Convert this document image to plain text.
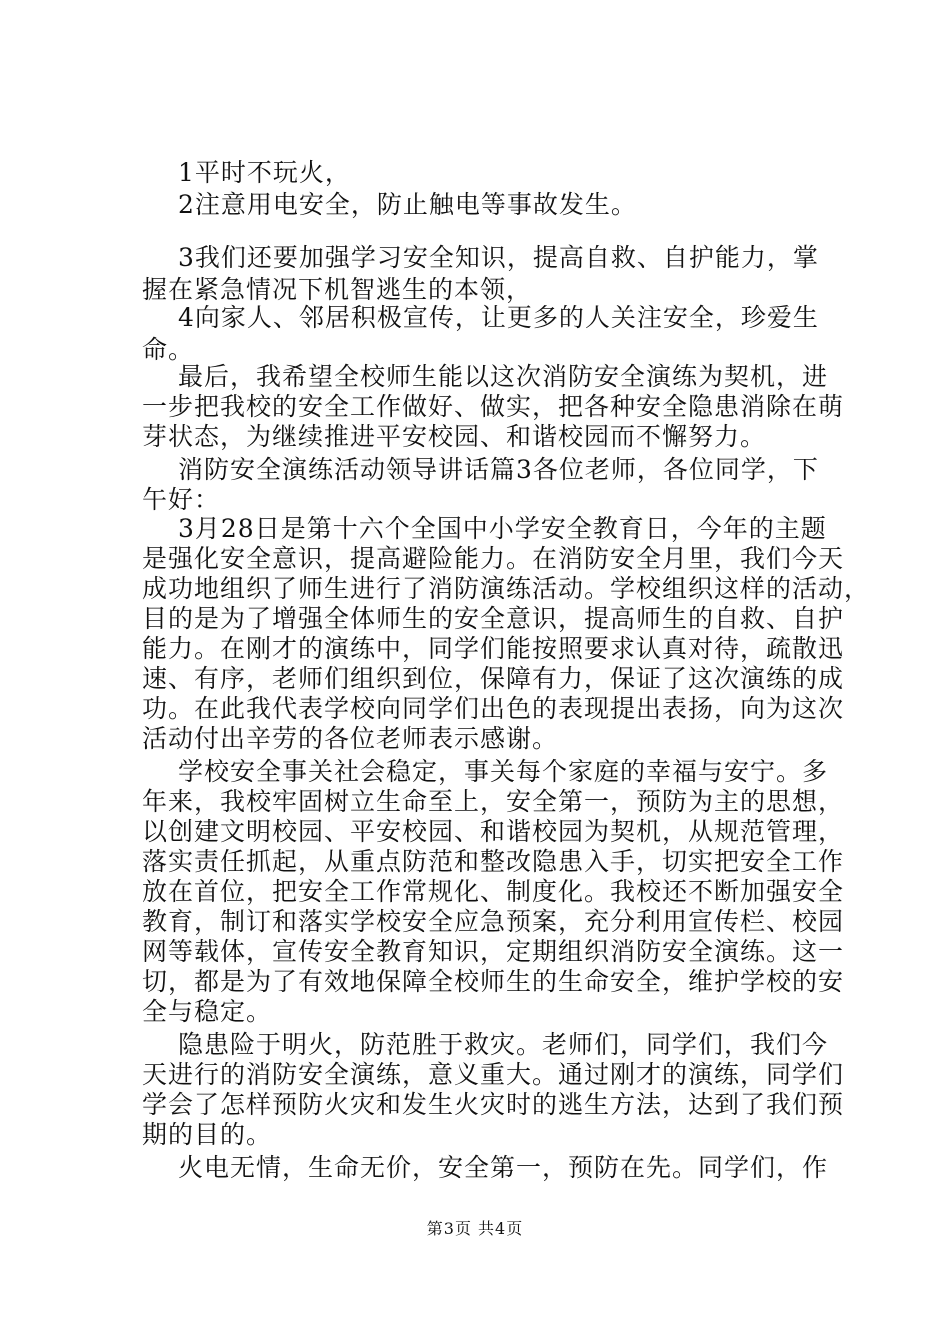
1平时不玩火，
2注意用电安全，防止触电等事故发生。
3我们还要加强学习安全知识，提高自救、自护能力，掌
握在紧急情况下机智逃生的本领，
4向家人、邻居积极宣传，让更多的人关注安全，珍爱生
命。
最后，我希望全校师生能以这次消防安全演练为契机，进
一步把我校的安全工作做好、做实，把各种安全隐患消除在萌
芽状态，为继续推进平安校园、和谐校园而不懈努力。
消防安全演练活动领导讲话篇3各位老师，各位同学，下
午好：
3月28日是第十六个全国中小学安全教育日，今年的主题
是强化安全意识，提高避险能力。在消防安全月里，我们今天
成功地组织了师生进行了消防演练活动。学校组织这样的活动，
目的是为了增强全体师生的安全意识，提高师生的自救、自护
能力。在刚才的演练中，同学们能按照要求认真对待，疏散迅
速、有序，老师们组织到位，保障有力，保证了这次演练的成
功。在此我代表学校向同学们出色的表现提出表扬，向为这次
活动付出辛劳的各位老师表示感谢。
学校安全事关社会稳定，事关每个家庭的幸福与安宁。多
年来，我校牢固树立生命至上，安全第一，预防为主的思想，
以创建文明校园、平安校园、和谐校园为契机，从规范管理，
落实责任抓起，从重点防范和整改隐患入手，切实把安全工作
放在首位，把安全工作常规化、制度化。我校还不断加强安全
教育，制订和落实学校安全应急预案，充分利用宣传栏、校园
网等载体，宣传安全教育知识，定期组织消防安全演练。这一
切，都是为了有效地保障全校师生的生命安全，维护学校的安
全与稳定。
隐患险于明火，防范胜于救灾。老师们，同学们，我们今
天进行的消防安全演练，意义重大。通过刚才的演练，同学们
学会了怎样预防火灾和发生火灾时的逃生方法，达到了我们预
期的目的。
火电无情，生命无价，安全第一，预防在先。同学们，作
第3页 共4页
